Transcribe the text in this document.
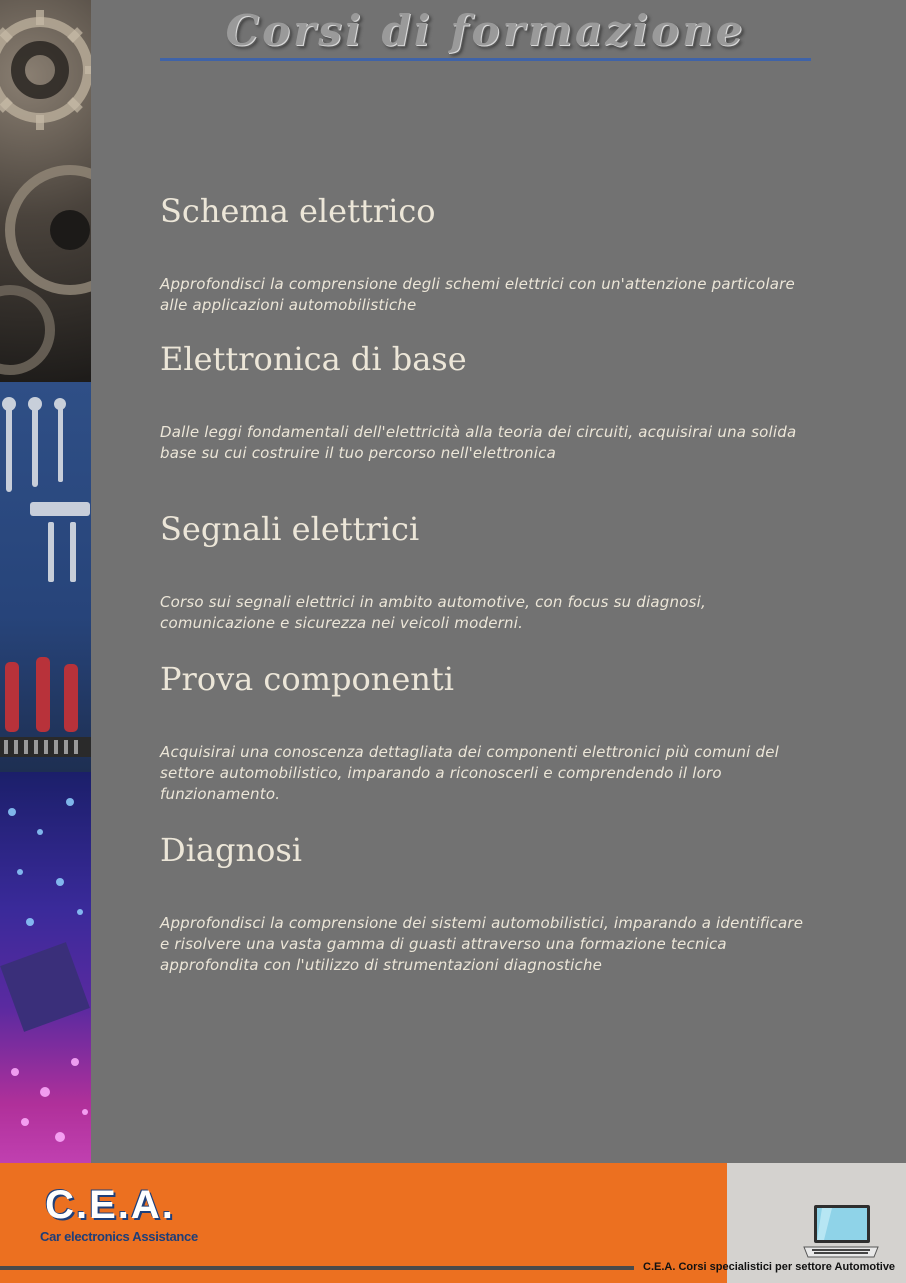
Corsi di formazione
Schema elettrico

Approfondisci la comprensione degli schemi elettrici con un'attenzione particolare alle applicazioni automobilistiche

Elettronica di base

Dalle leggi fondamentali dell'elettricità alla teoria dei circuiti, acquisirai una solida base su cui costruire il tuo percorso nell'elettronica

Segnali elettrici

Corso sui segnali elettrici in ambito automotive, con focus su diagnosi, comunicazione e sicurezza nei veicoli moderni.

Prova componenti

Acquisirai una conoscenza dettagliata dei componenti elettronici più comuni del settore automobilistico, imparando a riconoscerli e comprendendo il loro funzionamento.

Diagnosi

Approfondisci la comprensione dei sistemi automobilistici, imparando a identificare e risolvere una vasta gamma di guasti attraverso una formazione tecnica approfondita con l'utilizzo di strumentazioni diagnostiche

C.E.A.
Car electronics Assistance
C.E.A. Corsi specialistici per settore Automotive
